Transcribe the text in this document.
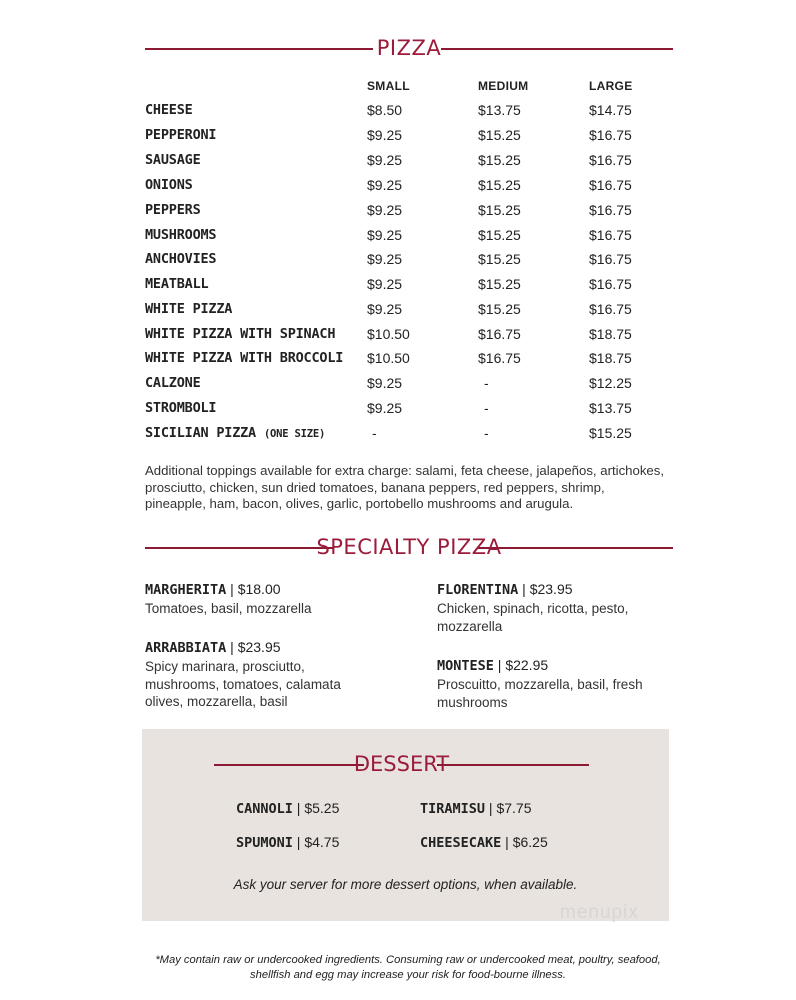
PIZZA
SMALL	MEDIUM	LARGE
CHEESE	$8.50	$13.75	$14.75
PEPPERONI	$9.25	$15.25	$16.75
SAUSAGE	$9.25	$15.25	$16.75
ONIONS	$9.25	$15.25	$16.75
PEPPERS	$9.25	$15.25	$16.75
MUSHROOMS	$9.25	$15.25	$16.75
ANCHOVIES	$9.25	$15.25	$16.75
MEATBALL	$9.25	$15.25	$16.75
WHITE PIZZA	$9.25	$15.25	$16.75
WHITE PIZZA WITH SPINACH $10.50	$16.75	$18.75
WHITE PIZZA WITH BROCCOLI $10.50	$16.75	$18.75
CALZONE	$9.25	-	$12.25
STROMBOLI	$9.25	-	$13.75
SICILIAN PIZZA (ONE SIZE)	-	-	$15.25
Additional toppings available for extra charge: salami, feta cheese, jalapeños, artichokes, prosciutto, chicken, sun dried tomatoes, banana peppers, red peppers, shrimp, pineapple, ham, bacon, olives, garlic, portobello mushrooms and arugula.
SPECIALTY PIZZA
MARGHERITA | $18.00
Tomatoes, basil, mozzarella
FLORENTINA | $23.95
Chicken, spinach, ricotta, pesto, mozzarella
ARRABBIATA | $23.95
Spicy marinara, prosciutto, mushrooms, tomatoes, calamata olives, mozzarella, basil
MONTESE | $22.95
Proscuitto, mozzarella, basil, fresh mushrooms
DESSERT
CANNOLI | $5.25	TIRAMISU | $7.75
SPUMONI | $4.75	CHEESECAKE | $6.25
Ask your server for more dessert options, when available.
menupix
*May contain raw or undercooked ingredients. Consuming raw or undercooked meat, poultry, seafood, shellfish and egg may increase your risk for food-bourne illness.
